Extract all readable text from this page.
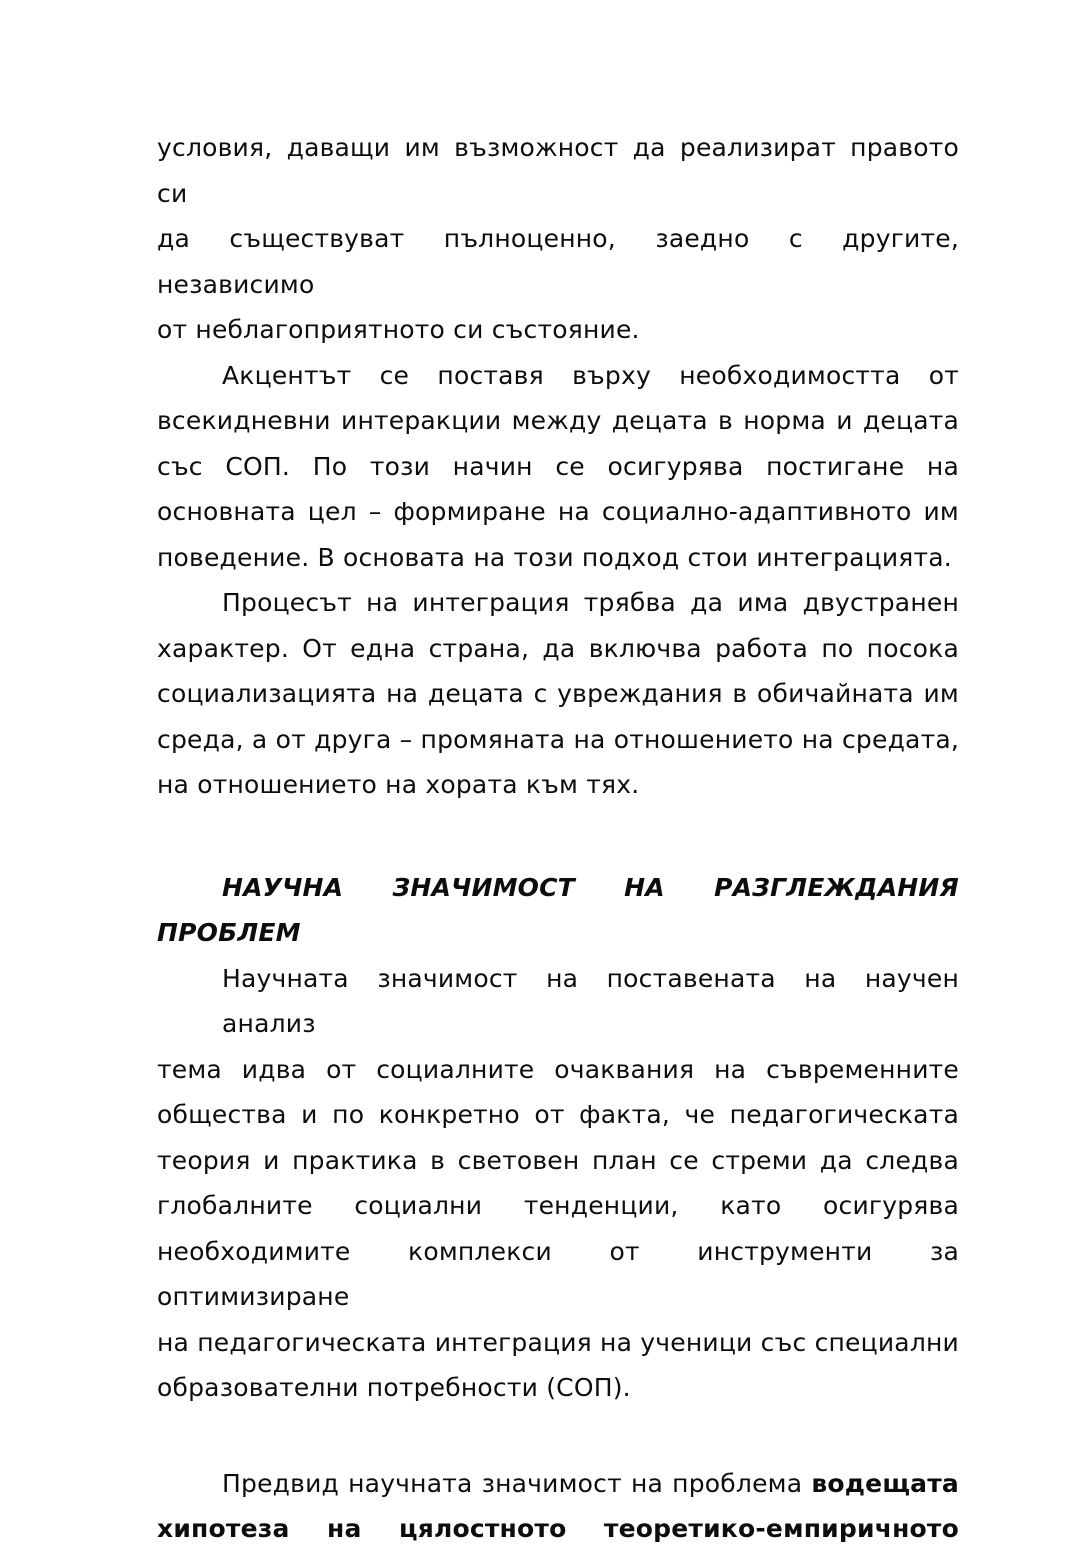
условия, даващи им възможност да реализират правото си
да съществуват пълноценно, заедно с другите, независимо
от неблагоприятното си състояние.
Акцентът се поставя върху необходимостта от
всекидневни интеракции между децата в норма и децата
със СОП. По този начин се осигурява постигане на
основната цел – формиране на социално-адаптивното им
поведение. В основата на този подход стои интеграцията.
Процесът на интеграция трябва да има двустранен
характер. От една страна, да включва работа по посока
социализацията на децата с увреждания в обичайната им
среда, а от друга – промяната на отношението на средата,
на отношението на хората към тях.
НАУЧНА ЗНАЧИМОСТ НА РАЗГЛЕЖДАНИЯ
ПРОБЛЕМ
Научната значимост на поставената на научен анализ
тема идва от социалните очаквания на съвременните
общества и по конкретно от факта, че педагогическата
теория и практика в световен план се стреми да следва
глобалните социални тенденции, като осигурява
необходимите комплекси от инструменти за оптимизиране
на педагогическата интеграция на ученици със специални
образователни потребности (СОП).
Предвид научната значимост на проблема водещата
хипотеза на цялостното теоретико-емпиричното
